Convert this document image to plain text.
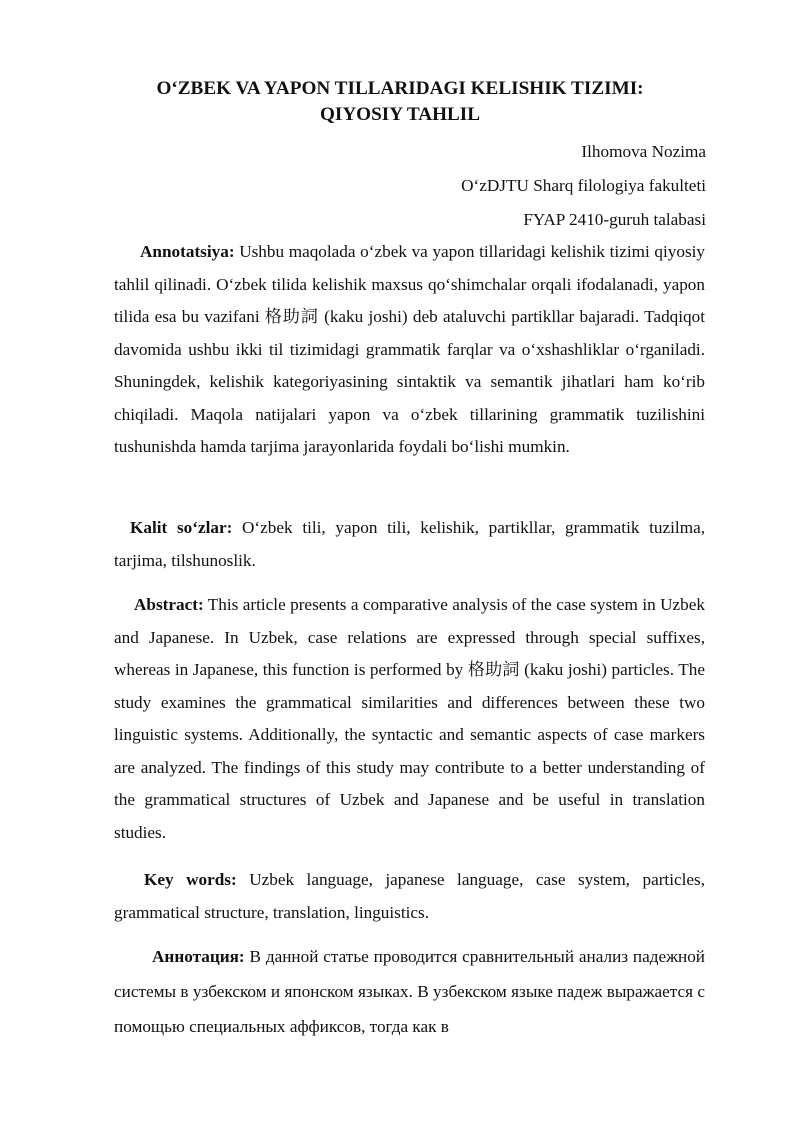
O‘ZBEK VA YAPON TILLARIDAGI KELISHIK TIZIMI:
QIYOSIY TAHLIL
Ilhomova Nozima
O‘zDJTU Sharq filologiya fakulteti
FYAP 2410-guruh talabasi
Annotatsiya: Ushbu maqolada o‘zbek va yapon tillaridagi kelishik tizimi qiyosiy tahlil qilinadi. O‘zbek tilida kelishik maxsus qo‘shimchalar orqali ifodalanadi, yapon tilida esa bu vazifani 格助詞 (kaku joshi) deb ataluvchi partikllar bajaradi. Tadqiqot davomida ushbu ikki til tizimidagi grammatik farqlar va o‘xshashliklar o‘rganiladi. Shuningdek, kelishik kategoriyasining sintaktik va semantik jihatlari ham ko‘rib chiqiladi. Maqola natijalari yapon va o‘zbek tillarining grammatik tuzilishini tushunishda hamda tarjima jarayonlarida foydali bo‘lishi mumkin.
Kalit so‘zlar: O‘zbek tili, yapon tili, kelishik, partikllar, grammatik tuzilma, tarjima, tilshunoslik.
Abstract: This article presents a comparative analysis of the case system in Uzbek and Japanese. In Uzbek, case relations are expressed through special suffixes, whereas in Japanese, this function is performed by 格助詞 (kaku joshi) particles. The study examines the grammatical similarities and differences between these two linguistic systems. Additionally, the syntactic and semantic aspects of case markers are analyzed. The findings of this study may contribute to a better understanding of the grammatical structures of Uzbek and Japanese and be useful in translation studies.
Key words: Uzbek language, japanese language, case system, particles, grammatical structure, translation, linguistics.
Аннотация: В данной статье проводится сравнительный анализ падежной системы в узбекском и японском языках. В узбекском языке падеж выражается с помощью специальных аффиксов, тогда как в
